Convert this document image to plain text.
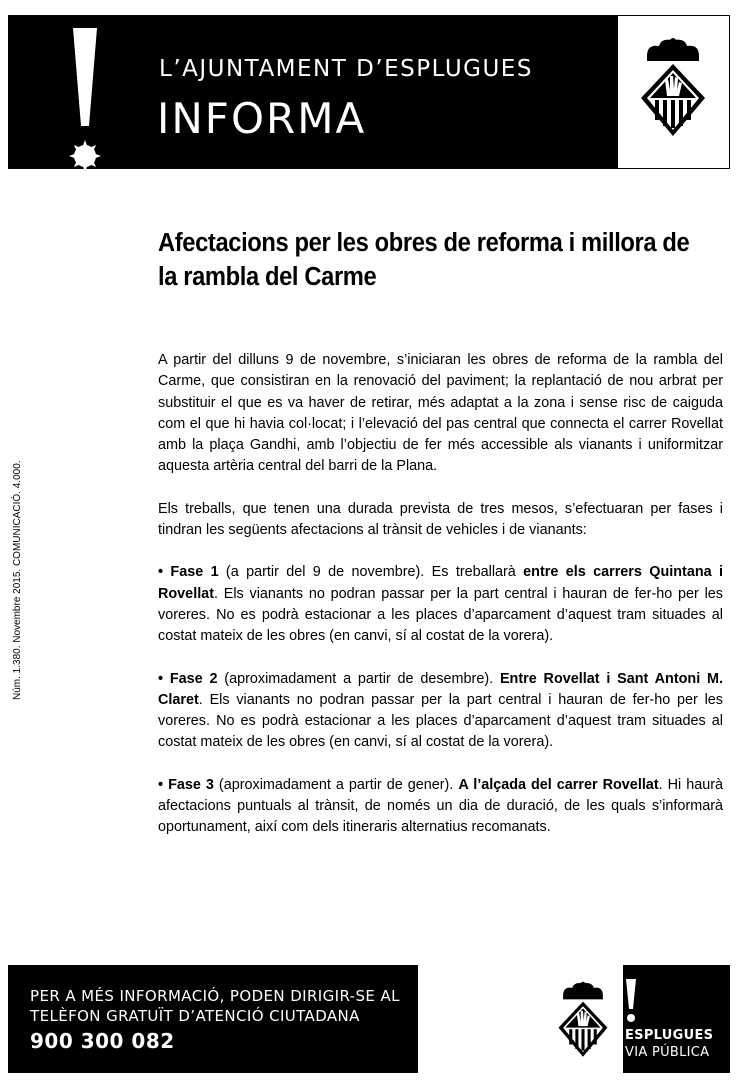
L’AJUNTAMENT D’ESPLUGUES
INFORMA
Núm. 1.380. Novembre 2015. COMUNICACIÓ. 4.000.
Afectacions per les obres de reforma i millora de la rambla del Carme

A partir del dilluns 9 de novembre, s’iniciaran les obres de reforma de la rambla del Carme, que consistiran en la renovació del paviment; la replantació de nou arbrat per substituir el que es va haver de retirar, més adaptat a la zona i sense risc de caiguda com el que hi havia col·locat; i l’elevació del pas central que connecta el carrer Rovellat amb la plaça Gandhi, amb l’objectiu de fer més accessible als vianants i uniformitzar aquesta artèria central del barri de la Plana.

Els treballs, que tenen una durada prevista de tres mesos, s’efectuaran per fases i tindran les següents afectacions al trànsit de vehicles i de vianants:

• Fase 1 (a partir del 9 de novembre). Es treballarà entre els carrers Quintana i Rovellat. Els vianants no podran passar per la part central i hauran de fer-ho per les voreres. No es podrà estacionar a les places d’aparcament d’aquest tram situades al costat mateix de les obres (en canvi, sí al costat de la vorera).

• Fase 2 (aproximadament a partir de desembre). Entre Rovellat i Sant Antoni M. Claret. Els vianants no podran passar per la part central i hauran de fer-ho per les voreres. No es podrà estacionar a les places d’aparcament d’aquest tram situades al costat mateix de les obres (en canvi, sí al costat de la vorera).

• Fase 3 (aproximadament a partir de gener). A l’alçada del carrer Rovellat. Hi haurà afectacions puntuals al trànsit, de només un dia de duració, de les quals s’informarà oportunament, així com dels itineraris alternatius recomanats.

PER A MÉS INFORMACIÓ, PODEN DIRIGIR-SE AL
TELÈFON GRATUÏT D’ATENCIÓ CIUTADANA
900 300 082	ESPLUGUES
VIA PÚBLICA
